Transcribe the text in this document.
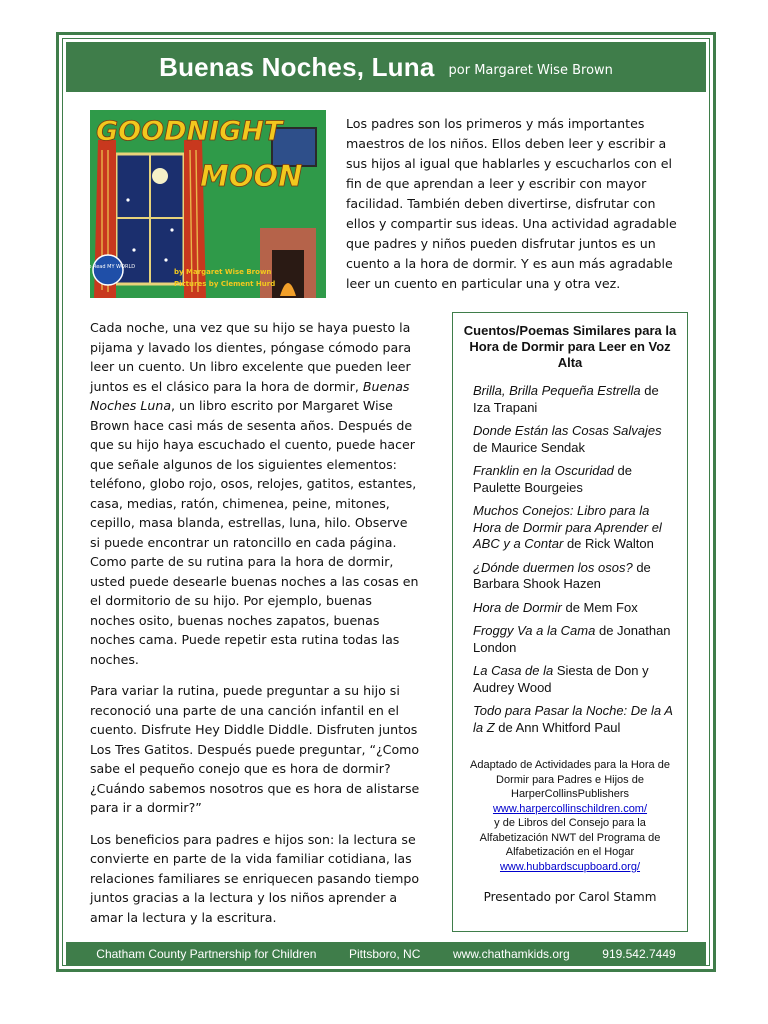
Buenas Noches, Luna por Margaret Wise Brown
Also Read MY WORLD
GOODNIGHT
MOON
by Margaret Wise Brown
Pictures by Clement Hurd
Los padres son los primeros y más importantes maestros de los niños. Ellos deben leer y escribir a sus hijos al igual que hablarles y escucharlos con el fin de que aprendan a leer y escribir con mayor facilidad. También deben divertirse, disfrutar con ellos y compartir sus ideas. Una actividad agradable que padres y niños pueden disfrutar juntos es un cuento a la hora de dormir. Y es aun más agradable leer un cuento en particular una y otra vez.

Cada noche, una vez que su hijo se haya puesto la pijama y lavado los dientes, póngase cómodo para leer un cuento. Un libro excelente que pueden leer juntos es el clásico para la hora de dormir, Buenas Noches Luna, un libro escrito por Margaret Wise Brown hace casi más de sesenta años. Después de que su hijo haya escuchado el cuento, puede hacer que señale algunos de los siguientes elementos: teléfono, globo rojo, osos, relojes, gatitos, estantes, casa, medias, ratón, chimenea, peine, mitones, cepillo, masa blanda, estrellas, luna, hilo. Observe si puede encontrar un ratoncillo en cada página. Como parte de su rutina para la hora de dormir, usted puede desearle buenas noches a las cosas en el dormitorio de su hijo. Por ejemplo, buenas noches osito, buenas noches zapatos, buenas noches cama. Puede repetir esta rutina todas las noches.

Para variar la rutina, puede preguntar a su hijo si reconoció una parte de una canción infantil en el cuento. Disfrute Hey Diddle Diddle. Disfruten juntos Los Tres Gatitos. Después puede preguntar, “¿Como sabe el pequeño conejo que es hora de dormir? ¿Cuándo sabemos nosotros que es hora de alistarse para ir a dormir?”

Los beneficios para padres e hijos son: la lectura se convierte en parte de la vida familiar cotidiana, las relaciones familiares se enriquecen pasando tiempo juntos gracias a la lectura y los niños aprender a amar la lectura y la escritura.

Cuentos/Poemas Similares para la Hora de Dormir para Leer en Voz Alta
Brilla, Brilla Pequeña Estrella de Iza Trapani
Donde Están las Cosas Salvajes de Maurice Sendak
Franklin en la Oscuridad de Paulette Bourgeies
Muchos Conejos: Libro para la Hora de Dormir para Aprender el ABC y a Contar de Rick Walton
¿Dónde duermen los osos? de Barbara Shook Hazen
Hora de Dormir de Mem Fox
Froggy Va a la Cama de Jonathan London
La Casa de la Siesta de Don y Audrey Wood
Todo para Pasar la Noche: De la A la Z de Ann Whitford Paul
Adaptado de Actividades para la Hora de Dormir para Padres e Hijos de HarperCollinsPublishers
www.harpercollinschildren.com/
y de Libros del Consejo para la Alfabetización NWT del Programa de Alfabetización en el Hogar
www.hubbardscupboard.org/
Presentado por Carol Stamm
Chatham County Partnership for Children	Pittsboro, NC	www.chathamkids.org	919.542.7449
